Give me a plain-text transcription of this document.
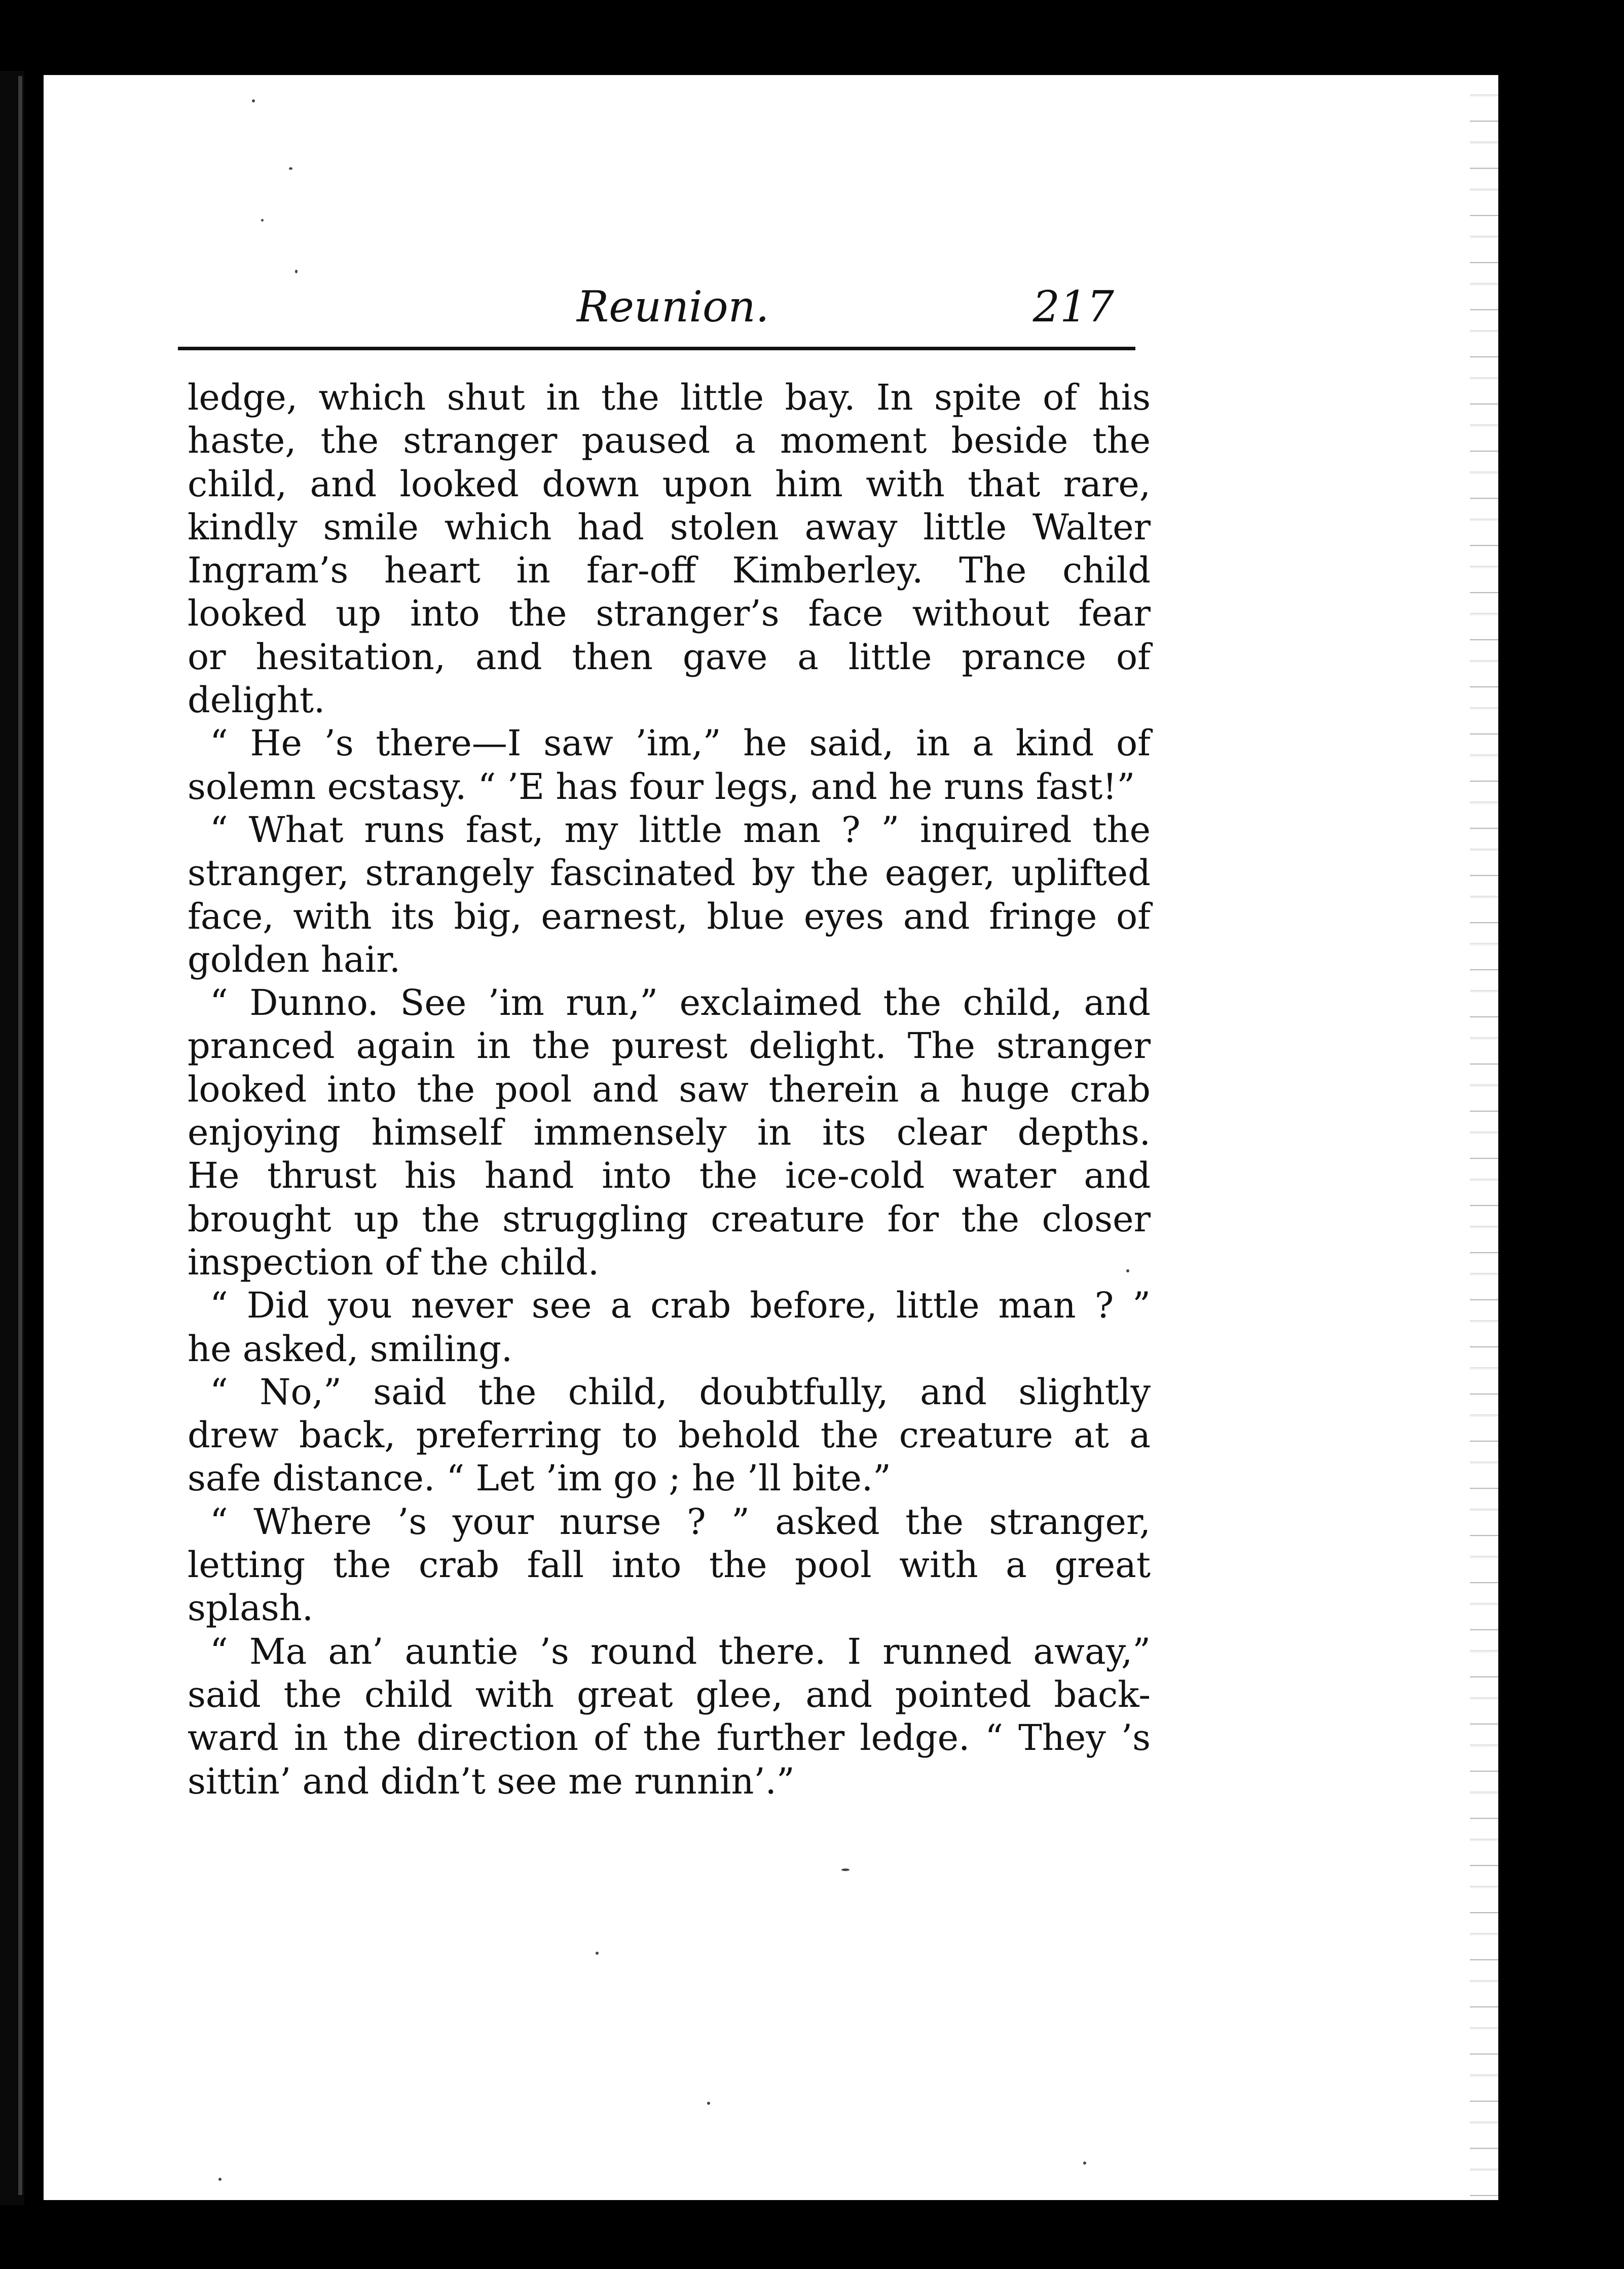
Reunion.	217
ledge, which shut in the little bay. In spite of his
haste, the stranger paused a moment beside the
child, and looked down upon him with that rare,
kindly smile which had stolen away little Walter
Ingram’s heart in far-off Kimberley. The child
looked up into the stranger’s face without fear
or hesitation, and then gave a little prance of
delight.
“ He ’s there—I saw ’im,” he said, in a kind of
solemn ecstasy. “ ’E has four legs, and he runs fast!”
“ What runs fast, my little man ? ” inquired the
stranger, strangely fascinated by the eager, uplifted
face, with its big, earnest, blue eyes and fringe of
golden hair.
“ Dunno. See ’im run,” exclaimed the child, and
pranced again in the purest delight. The stranger
looked into the pool and saw therein a huge crab
enjoying himself immensely in its clear depths.
He thrust his hand into the ice-cold water and
brought up the struggling creature for the closer
inspection of the child.
“ Did you never see a crab before, little man ? ”
he asked, smiling.
“ No,” said the child, doubtfully, and slightly
drew back, preferring to behold the creature at a
safe distance. “ Let ’im go ; he ’ll bite.”
“ Where ’s your nurse ? ” asked the stranger,
letting the crab fall into the pool with a great
splash.
“ Ma an’ auntie ’s round there. I runned away,”
said the child with great glee, and pointed back-
ward in the direction of the further ledge. “ They ’s
sittin’ and didn’t see me runnin’.”
